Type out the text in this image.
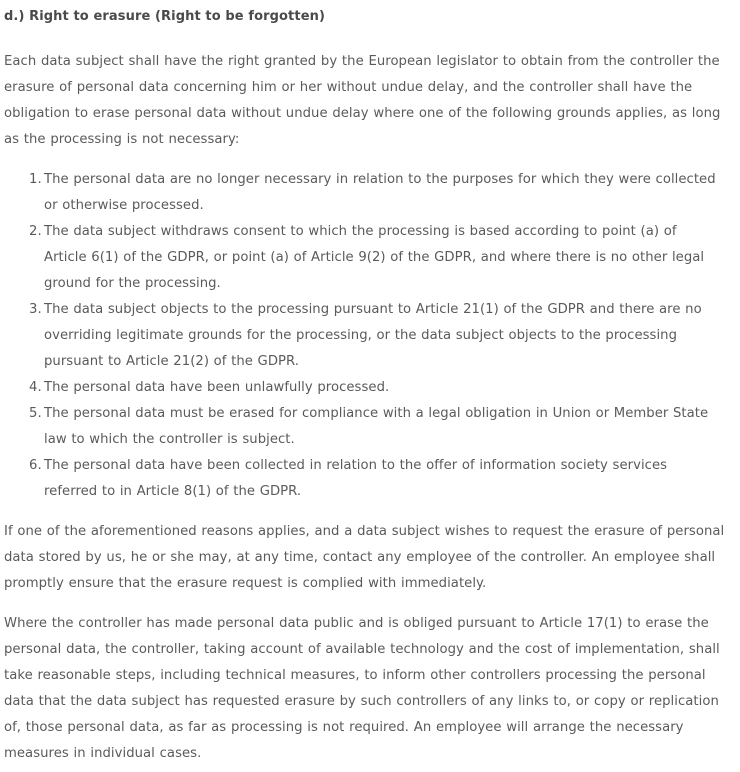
d.) Right to erasure (Right to be forgotten)

Each data subject shall have the right granted by the European legislator to obtain from the controller the erasure of personal data concerning him or her without undue delay, and the controller shall have the obligation to erase personal data without undue delay where one of the following grounds applies, as long as the processing is not necessary:

1. The personal data are no longer necessary in relation to the purposes for which they were collected or otherwise processed.
2. The data subject withdraws consent to which the processing is based according to point (a) of Article 6(1) of the GDPR, or point (a) of Article 9(2) of the GDPR, and where there is no other legal ground for the processing.
3. The data subject objects to the processing pursuant to Article 21(1) of the GDPR and there are no overriding legitimate grounds for the processing, or the data subject objects to the processing pursuant to Article 21(2) of the GDPR.
4. The personal data have been unlawfully processed.
5. The personal data must be erased for compliance with a legal obligation in Union or Member State law to which the controller is subject.
6. The personal data have been collected in relation to the offer of information society services referred to in Article 8(1) of the GDPR.

If one of the aforementioned reasons applies, and a data subject wishes to request the erasure of personal data stored by us, he or she may, at any time, contact any employee of the controller. An employee shall promptly ensure that the erasure request is complied with immediately.

Where the controller has made personal data public and is obliged pursuant to Article 17(1) to erase the personal data, the controller, taking account of available technology and the cost of implementation, shall take reasonable steps, including technical measures, to inform other controllers processing the personal data that the data subject has requested erasure by such controllers of any links to, or copy or replication of, those personal data, as far as processing is not required. An employee will arrange the necessary measures in individual cases.
